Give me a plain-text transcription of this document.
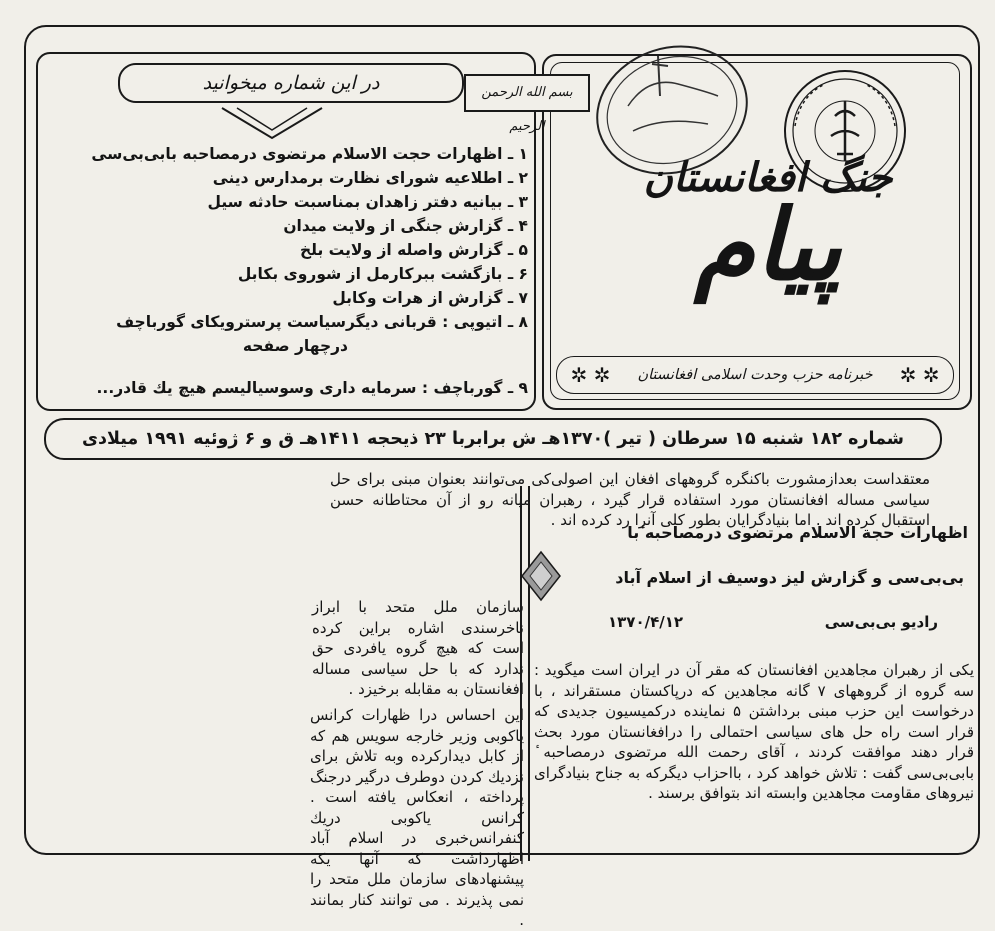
پیام
جنگ افغانستان
✲ ✲
خبرنامه حزب وحدت اسلامی افغانستان
✲ ✲
در این شماره میخوانید	بسم الله الرحمن الرحیم
۱ ـ اظهارات حجت الاسلام مرتضوی درمصاحبه بابی‌بی‌سی
۲ ـ اطلاعیه شورای نظارت برمدارس دینی
۳ ـ بیانیه دفتر زاهدان بمناسبت حادثه سیل
۴ ـ گزارش جنگی از ولایت میدان
۵ ـ گزارش واصله از ولایت بلخ
۶ ـ بازگشت ببرکارمل از شوروی بکابل
۷ ـ گزارش از هرات وکابل
۸ ـ اتیوپی : قربانی دیگرسیاست پرسترویکای گورباچف
درچهار صفحه
۹ ـ گورباچف : سرمایه داری وسوسیالیسم هیچ یك قادر...
شماره ۱۸۲ شنبه ۱۵ سرطان ( تیر )۱۳۷۰هـ ش برابربا ۲۳ ذیحجه ۱۴۱۱هـ ق و ۶ ژوئیه ۱۹۹۱ میلادی
معتقداست بعدازمشورت باکنگره گروههای افغان این اصولی‌کی می‌توانند بعنوان مبنی برای حل سیاسی مساله افغانستان مورد استفاده قرار گیرد ، رهبران میانه رو از آن محتاطانه حسن استقبال کرده اند . اما بنیادگرایان بطور کلی آنرا رد کرده اند .
سازمان ملل متحد با ابراز ناخرسندی اشاره براین کرده است که هیچ گروه یافردی حق ندارد که با حل سیاسی مساله افغانستان به مقابله برخیزد .
این احساس درا ظهارات کرانس یاکوبی وزیر خارجه سویس هم که از کابل دیدارکرده وبه تلاش برای نزدیك کردن دوطرف درگیر درجنگ پرداخته ، انعکاس یافته است . کرانس یاکوبی دریك کنفرانس‌خبری در اسلام آباد اظهارداشت که آنها یکه پیشنهادهای سازمان ملل متحد را نمی پذیرند . می توانند کنار بمانند .
اظهارات حجة الاسلام مرتضوی درمصاحبه ٔبا
بی‌بی‌سی و گزارش لیز دوسیف از اسلام آباد
رادیو بی‌بی‌سی
۱۳۷۰/۴/۱۲
یکی از رهبران مجاهدین افغانستان که مقر آن در ایران است میگوید : سه گروه از گروههای ۷ گانه مجاهدین که درپاکستان مستقراند ، با درخواست این حزب مبنی برداشتن ۵ نماینده درکمیسیون جدیدی که قرار است راه حل های سیاسی احتمالی را درافغانستان مورد بحث قرار دهند موافقت کردند ، آقای رحمت الله مرتضوی درمصاحبه ٔ بابی‌بی‌سی گفت : تلاش خواهد کرد ، بااحزاب دیگرکه به جناح بنیادگرای نیروهای مقاومت مجاهدین وابسته اند بتوافق برسند .
